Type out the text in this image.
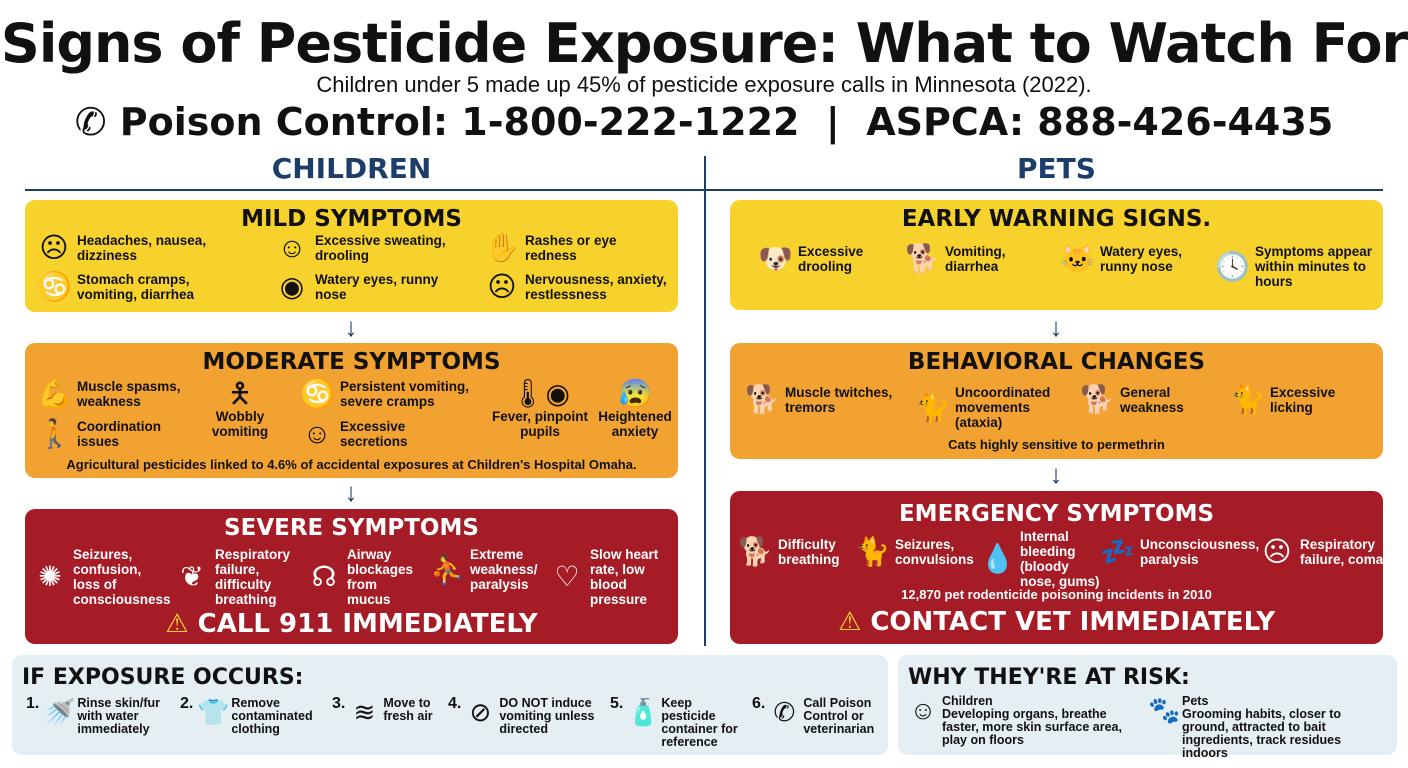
Signs of Pesticide Exposure: What to Watch For
Children under 5 made up 45% of pesticide exposure calls in Minnesota (2022).
✆ Poison Control: 1-800-222-1222  |  ASPCA: 888-426-4435
CHILDREN	PETS
MILD SYMPTOMS
☹ Headaches, nausea, dizziness	☺ Excessive sweating, drooling	✋ Rashes or eye redness
♋ Stomach cramps, vomiting, diarrhea	◉ Watery eyes, runny nose	☹ Nervousness, anxiety, restlessness
↓
MODERATE SYMPTOMS
💪 Muscle spasms, weakness	🯅
Wobbly vomiting
♋ Persistent vomiting, severe cramps	🌡◉
Fever, pinpoint pupils
😰
Heightened anxiety
🚶 Coordination issues	☺ Excessive secretions
Agricultural pesticides linked to 4.6% of accidental exposures at Children's Hospital Omaha.
↓
SEVERE SYMPTOMS
✺
Seizures, confusion, loss of consciousness
❦
Respiratory failure, difficulty breathing
☊
Airway blockages from mucus
⛹ Extreme weakness/ paralysis ♡
Slow heart rate, low blood pressure
⚠ CALL 911 IMMEDIATELY
EARLY WARNING SIGNS.
🐶 Excessive drooling	🐕 Vomiting, diarrhea	🐱 Watery eyes, runny nose	🕓 Symptoms appear within minutes to hours
↓
BEHAVIORAL CHANGES
🐕 Muscle twitches, tremors	🐈 Uncoordinated movements (ataxia)
🐕 General weakness 🐈 Excessive licking
Cats highly sensitive to permethrin
↓
EMERGENCY SYMPTOMS
🐕 Difficulty breathing 🐈 Seizures, convulsions 💧
Internal bleeding (bloody nose, gums)
💤 Unconsciousness, paralysis	☹ Respiratory failure, coma
12,870 pet rodenticide poisoning incidents in 2010
⚠ CONTACT VET IMMEDIATELY
IF EXPOSURE OCCURS:
1. 🚿 Rinse skin/fur with water immediately
2. 👕 Remove contaminated clothing
3. ≋ Move to fresh air
4. ⊘ DO NOT induce vomiting unless directed
5. 🧴 Keep pesticide container for reference
6. ✆ Call Poison Control or veterinarian
WHY THEY'RE AT RISK:
☺ Children
Developing organs, breathe faster, more skin surface area, play on floors
🐾 Pets
Grooming habits, closer to ground, attracted to bait ingredients, track residues indoors
